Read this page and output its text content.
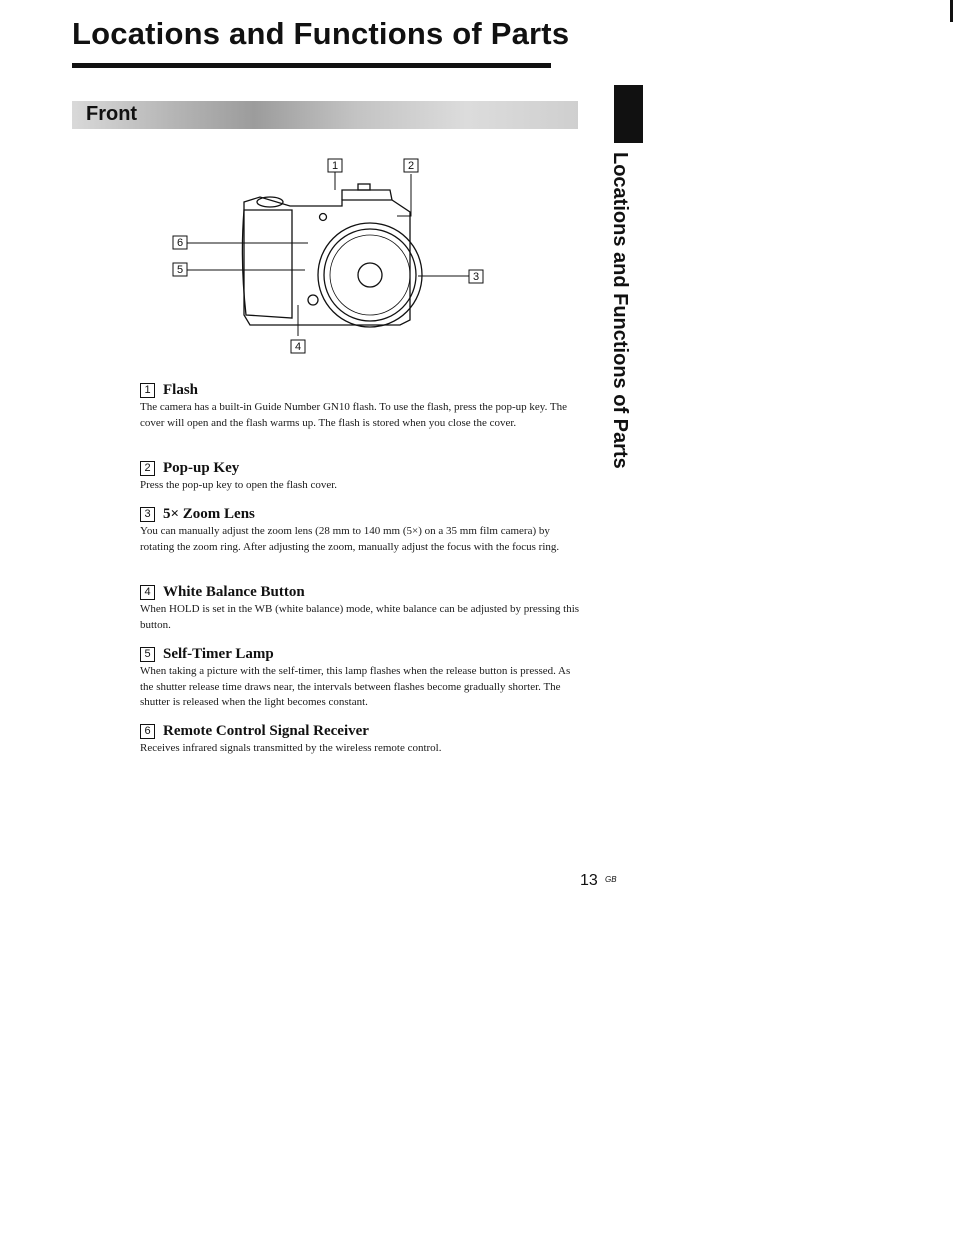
Locations and Functions of Parts
Front
Locations and Functions of Parts
1	2
3
4
5
6
1 Flash
The camera has a built-in Guide Number GN10 flash. To use the flash, press the pop-up key. The cover will open and the flash warms up. The flash is stored when you close the cover.
2 Pop-up Key
Press the pop-up key to open the flash cover.
3 5× Zoom Lens
You can manually adjust the zoom lens (28 mm to 140 mm (5×) on a 35 mm film camera) by rotating the zoom ring. After adjusting the zoom, manually adjust the focus with the focus ring.
4 White Balance Button
When HOLD is set in the WB (white balance) mode, white balance can be adjusted by pressing this button.
5 Self-Timer Lamp
When taking a picture with the self-timer, this lamp flashes when the release button is pressed. As the shutter release time draws near, the intervals between flashes become gradually shorter. The shutter is released when the light becomes constant.
6 Remote Control Signal Receiver
Receives infrared signals transmitted by the wireless remote control.
13 GB
